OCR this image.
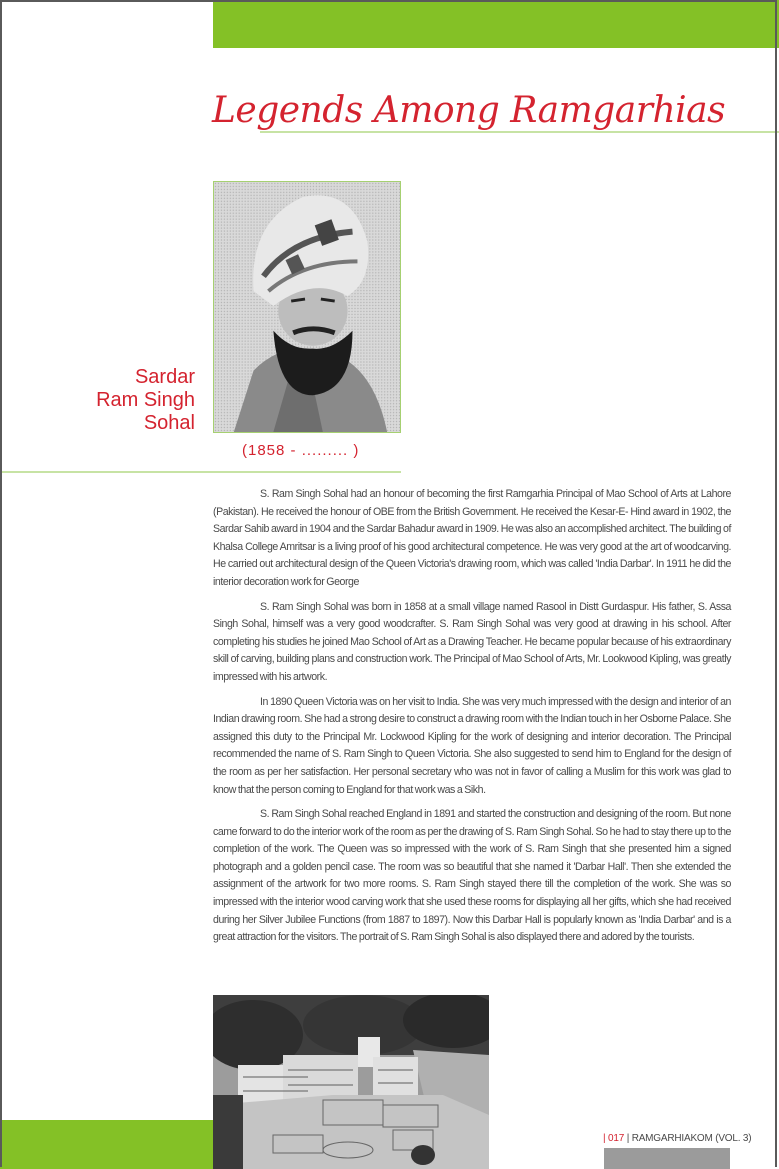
Legends Among Ramgarhias
Sardar
Ram Singh
Sohal
(1858 - ......... )

S. Ram Singh Sohal had an honour of becoming the first Ramgarhia Principal of Mao School of Arts at Lahore (Pakistan). He received the honour of OBE from the British Government. He received the Kesar-E- Hind award in 1902, the Sardar Sahib award in 1904 and the Sardar Bahadur award in 1909. He was also an accomplished architect. The building of Khalsa College Amritsar is a living proof of his good architectural competence. He was very good at the art of woodcarving. He carried out architectural design of the Queen Victoria's drawing room, which was called 'India Darbar'. In 1911 he did the interior decoration work for George

S. Ram Singh Sohal was born in 1858 at a small village named Rasool in Distt Gurdaspur. His father, S. Assa Singh Sohal, himself was a very good woodcrafter. S. Ram Singh Sohal was very good at drawing in his school. After completing his studies he joined Mao School of Art as a Drawing Teacher. He became popular because of his extraordinary skill of carving, building plans and construction work. The Principal of Mao School of Arts, Mr. Lookwood Kipling, was greatly impressed with his artwork.

In 1890 Queen Victoria was on her visit to India. She was very much impressed with the design and interior of an Indian drawing room. She had a strong desire to construct a drawing room with the Indian touch in her Osborne Palace. She assigned this duty to the Principal Mr. Lockwood Kipling for the work of designing and interior decoration. The Principal recommended the name of S. Ram Singh to Queen Victoria. She also suggested to send him to England for the design of the room as per her satisfaction. Her personal secretary who was not in favor of calling a Muslim for this work was glad to know that the person coming to England for that work was a Sikh.

S. Ram Singh Sohal reached England in 1891 and started the construction and designing of the room. But none came forward to do the interior work of the room as per the drawing of S. Ram Singh Sohal. So he had to stay there up to the completion of the work. The Queen was so impressed with the work of S. Ram Singh that she presented him a signed photograph and a golden pencil case. The room was so beautiful that she named it 'Darbar Hall'. Then she extended the assignment of the artwork for two more rooms. S. Ram Singh stayed there till the completion of the work. She was so impressed with the interior wood carving work that she used these rooms for displaying all her gifts, which she had received during her Silver Jubilee Functions (from 1887 to 1897). Now this Darbar Hall is popularly known as 'India Darbar' and is a great attraction for the visitors. The portrait of S. Ram Singh Sohal is also displayed there and adored by the tourists.

| 017 | RAMGARHIAKOM (VOL. 3)
